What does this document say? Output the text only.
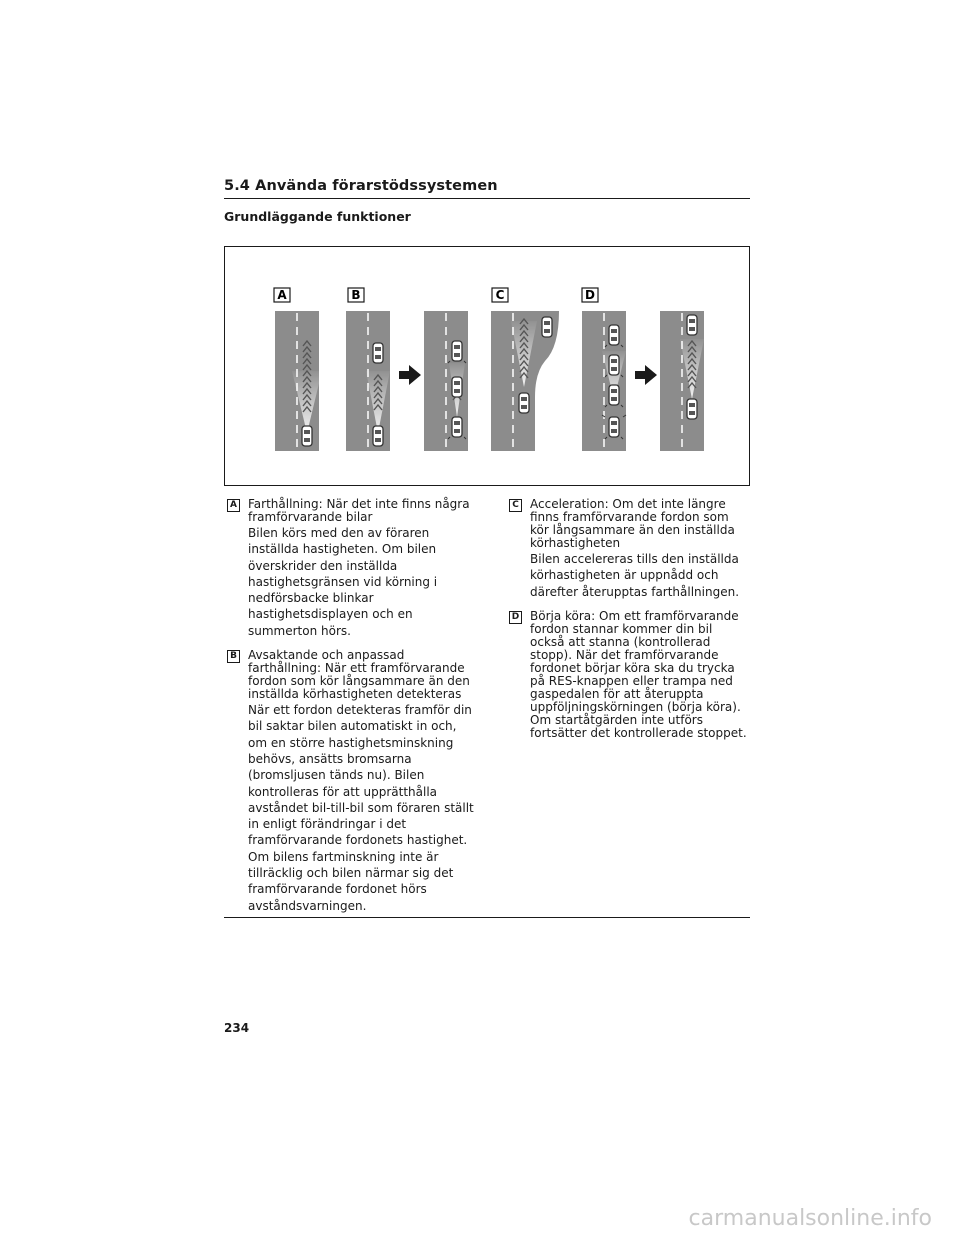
5.4 Använda förarstödssystemen
Grundläggande funktioner
A	B	C	D
A Farthållning: När det inte finns några framförvarande bilar
Bilen körs med den av föraren inställda hastigheten. Om bilen överskrider den inställda hastighetsgränsen vid körning i nedförsbacke blinkar hastighetsdisplayen och en summerton hörs.
B Avsaktande och anpassad farthållning: När ett framförvarande fordon som kör långsammare än den inställda körhastigheten detekteras
När ett fordon detekteras framför din bil saktar bilen automatiskt in och, om en större hastighetsminskning behövs, ansätts bromsarna (bromsljusen tänds nu). Bilen kontrolleras för att upprätthålla avståndet bil-till-bil som föraren ställt in enligt förändringar i det framförvarande fordonets hastighet. Om bilens fartminskning inte är tillräcklig och bilen närmar sig det framförvarande fordonet hörs avståndsvarningen.
C Acceleration: Om det inte längre finns framförvarande fordon som kör långsammare än den inställda körhastigheten
Bilen accelereras tills den inställda körhastigheten är uppnådd och därefter återupptas farthållningen.
D Börja köra: Om ett framförvarande fordon stannar kommer din bil också att stanna (kontrollerad stopp). När det framförvarande fordonet börjar köra ska du trycka på RES-knappen eller trampa ned gaspedalen för att återuppta uppföljningskörningen (börja köra). Om startåtgärden inte utförs fortsätter det kontrollerade stoppet.
234
carmanualsonline.info
